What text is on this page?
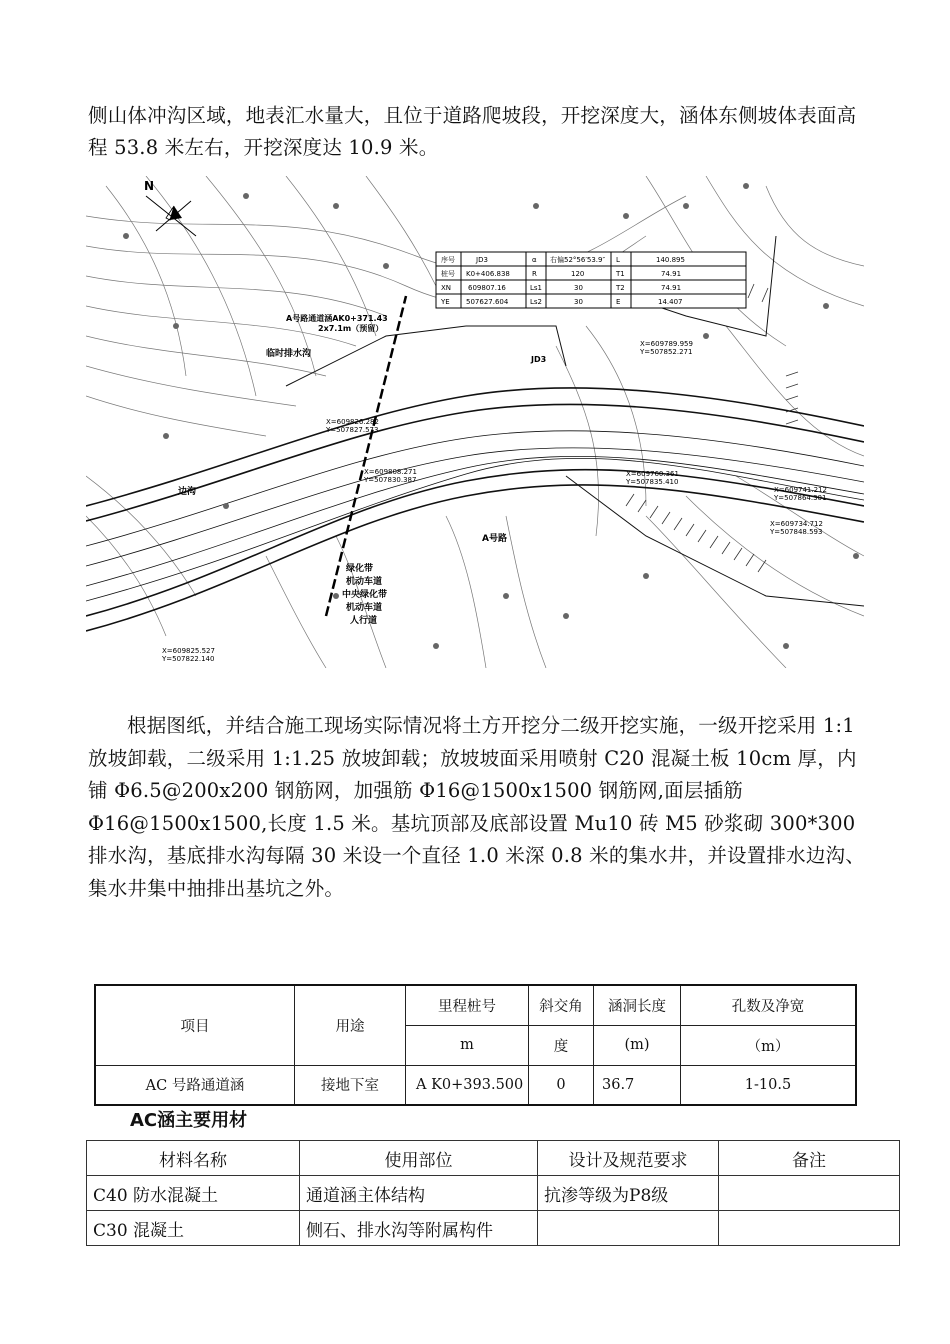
侧山体冲沟区域，地表汇水量大，且位于道路爬坡段，开挖深度大，涵体东侧坡体表面高程 53.8 米左右，开挖深度达 10.9 米。

N
序号	JD3	α 右偏52°56′53.9″ L	140.895
桩号 K0+406.838	R	120	T1	74.91
XN 609807.16	Ls1	30	T2	74.91
YE 507627.604	Ls2	30	E	14.407
A号路通道涵AK0+371.43
2x7.1m（预留）
临时排水沟
JD3
边沟
A号路
绿化带
机动车道
中央绿化带
机动车道
人行道
X=609826.282
Y=507827.573
X=609808.271
Y=507830.387
X=609825.527
Y=507822.140
X=609789.959
Y=507852.271
X=609760.361
Y=507835.410
X=609741.212
Y=507864.301
X=609734.712
Y=507848.593

根据图纸，并结合施工现场实际情况将土方开挖分二级开挖实施，一级开挖采用 1:1 放坡卸载，二级采用 1:1.25 放坡卸载；放坡坡面采用喷射 C20 混凝土板 10cm 厚，内铺 Φ6.5@200x200 钢筋网，加强筋 Φ16@1500x1500 钢筋网,面层插筋 Φ16@1500x1500,长度 1.5 米。基坑顶部及底部设置 Mu10 砖 M5 砂浆砌 300*300 排水沟，基底排水沟每隔 30 米设一个直径 1.0 米深 0.8 米的集水井，并设置排水边沟、集水井集中抽排出基坑之外。

项目	用途	里程桩号	斜交角	涵洞长度	孔数及净宽
		m	度	(m)	（m）
AC 号路通道涵	接地下室	A K0+393.500	0	36.7	1-10.5

AC涵主要用材

材料名称	使用部位	设计及规范要求	备注
C40 防水混凝土	通道涵主体结构	抗渗等级为P8级	
C30 混凝土	侧石、排水沟等附属构件		
